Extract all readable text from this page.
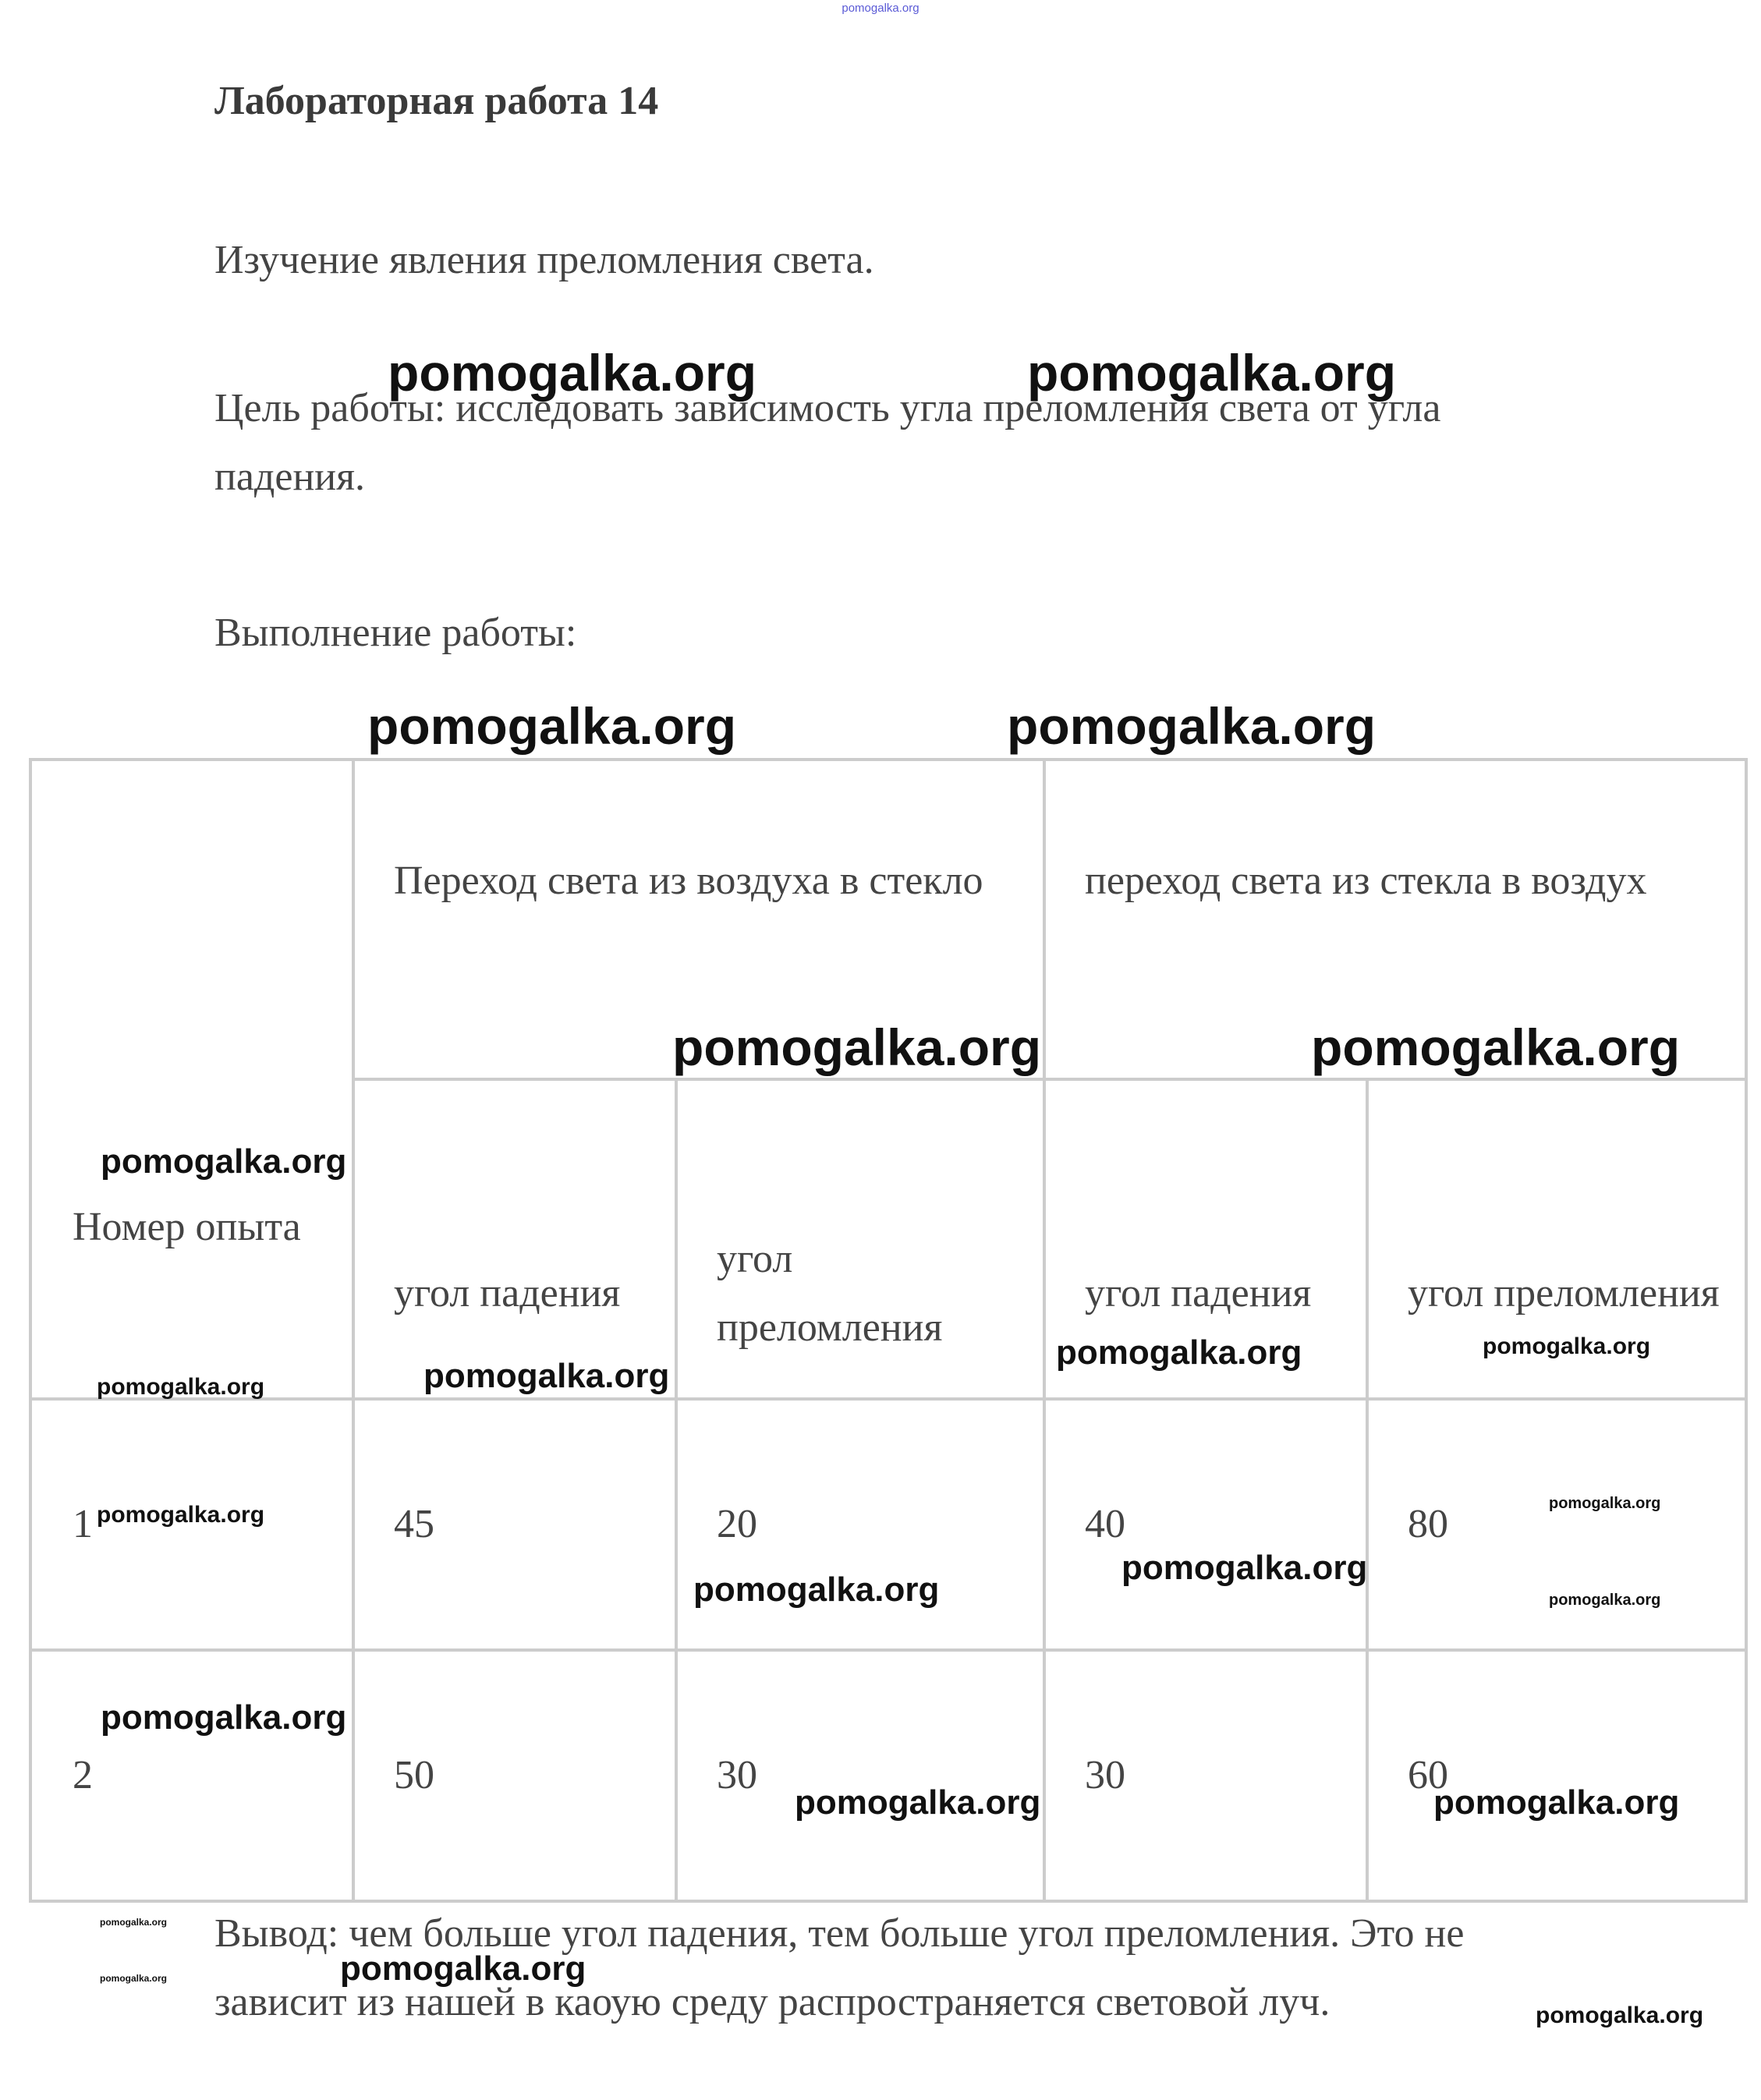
pomogalka.org
Лабораторная работа 14

Изучение явления преломления света.

Цель работы: исследовать зависимость угла преломления света от угла падения.

Выполнение работы:

Номер опыта	Переход света из воздуха в стекло		переход света из стекла в воздух	

	угол падения	угол преломления	угол падения	угол преломления

1	45	20	40	80

2	50	30	30	60

Вывод: чем больше угол падения, тем больше угол преломления. Это не зависит из нашей в каоую среду распространяется световой луч.

pomogalka.org	pomogalka.org
pomogalka.org	pomogalka.org
pomogalka.org	pomogalka.org
pomogalka.org
pomogalka.org
pomogalka.org	pomogalka.org
pomogalka.org
pomogalka.org	pomogalka.org
pomogalka.org
pomogalka.org
pomogalka.org
pomogalka.org
pomogalka.org	pomogalka.org
pomogalka.org
pomogalka.org	pomogalka.org
pomogalka.org
